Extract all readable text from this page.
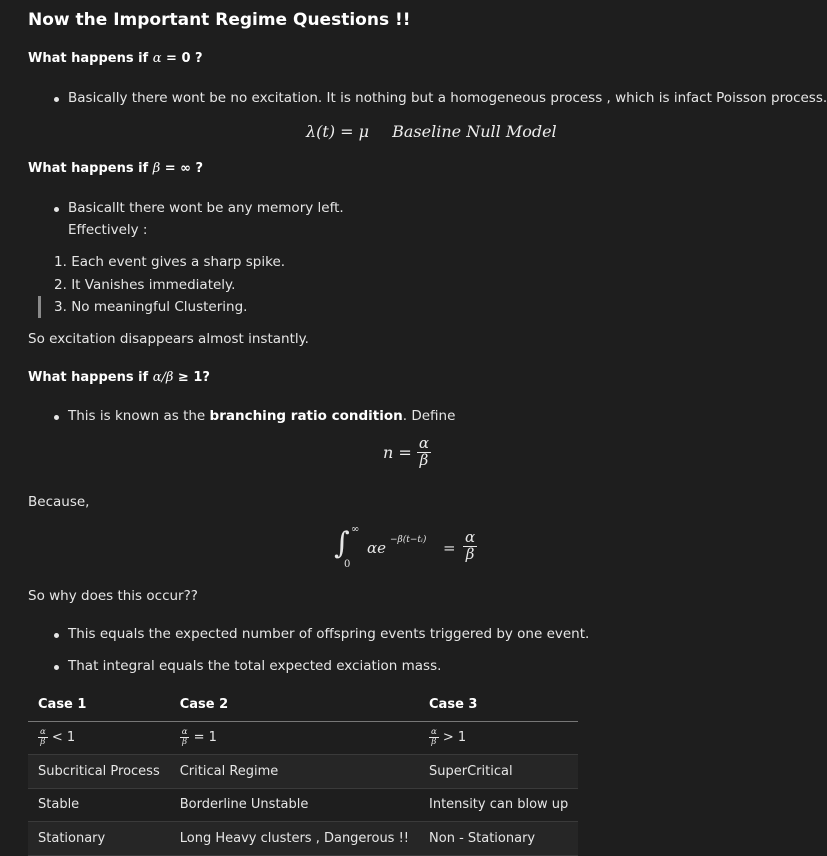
Now the Important Regime Questions !!
What happens if α = 0 ?
Basically there wont be no excitation. It is nothing but a homogeneous process , which is infact Poisson process.
λ(t) = μ Baseline Null Model
What happens if β = ∞ ?
Basicallt there wont be any memory left.
Effectively :
1. Each event gives a sharp spike.
2. It Vanishes immediately.
3. No meaningful Clustering.
So excitation disappears almost instantly.
What happens if α/β ≥ 1?
This is known as the branching ratio condition. Define
$n = \frac{\alpha}{\beta}$
Because,
∫ ∞
0
αe −β(t−tᵢ) = $\frac{\alpha}{\beta}$
So why does this occur??
This equals the expected number of offspring events triggered by one event.
That integral equals the total expected exciation mass.
Case 1	Case 2	Case 3

$\frac{\alpha}{\beta} < 1$	$\frac{\alpha}{\beta} = 1$	$\frac{\alpha}{\beta} > 1$
Subcritical Process	Critical Regime	SuperCritical
Stable	Borderline Unstable	Intensity can blow up
Stationary	Long Heavy clusters , Dangerous !!	Non - Stationary
